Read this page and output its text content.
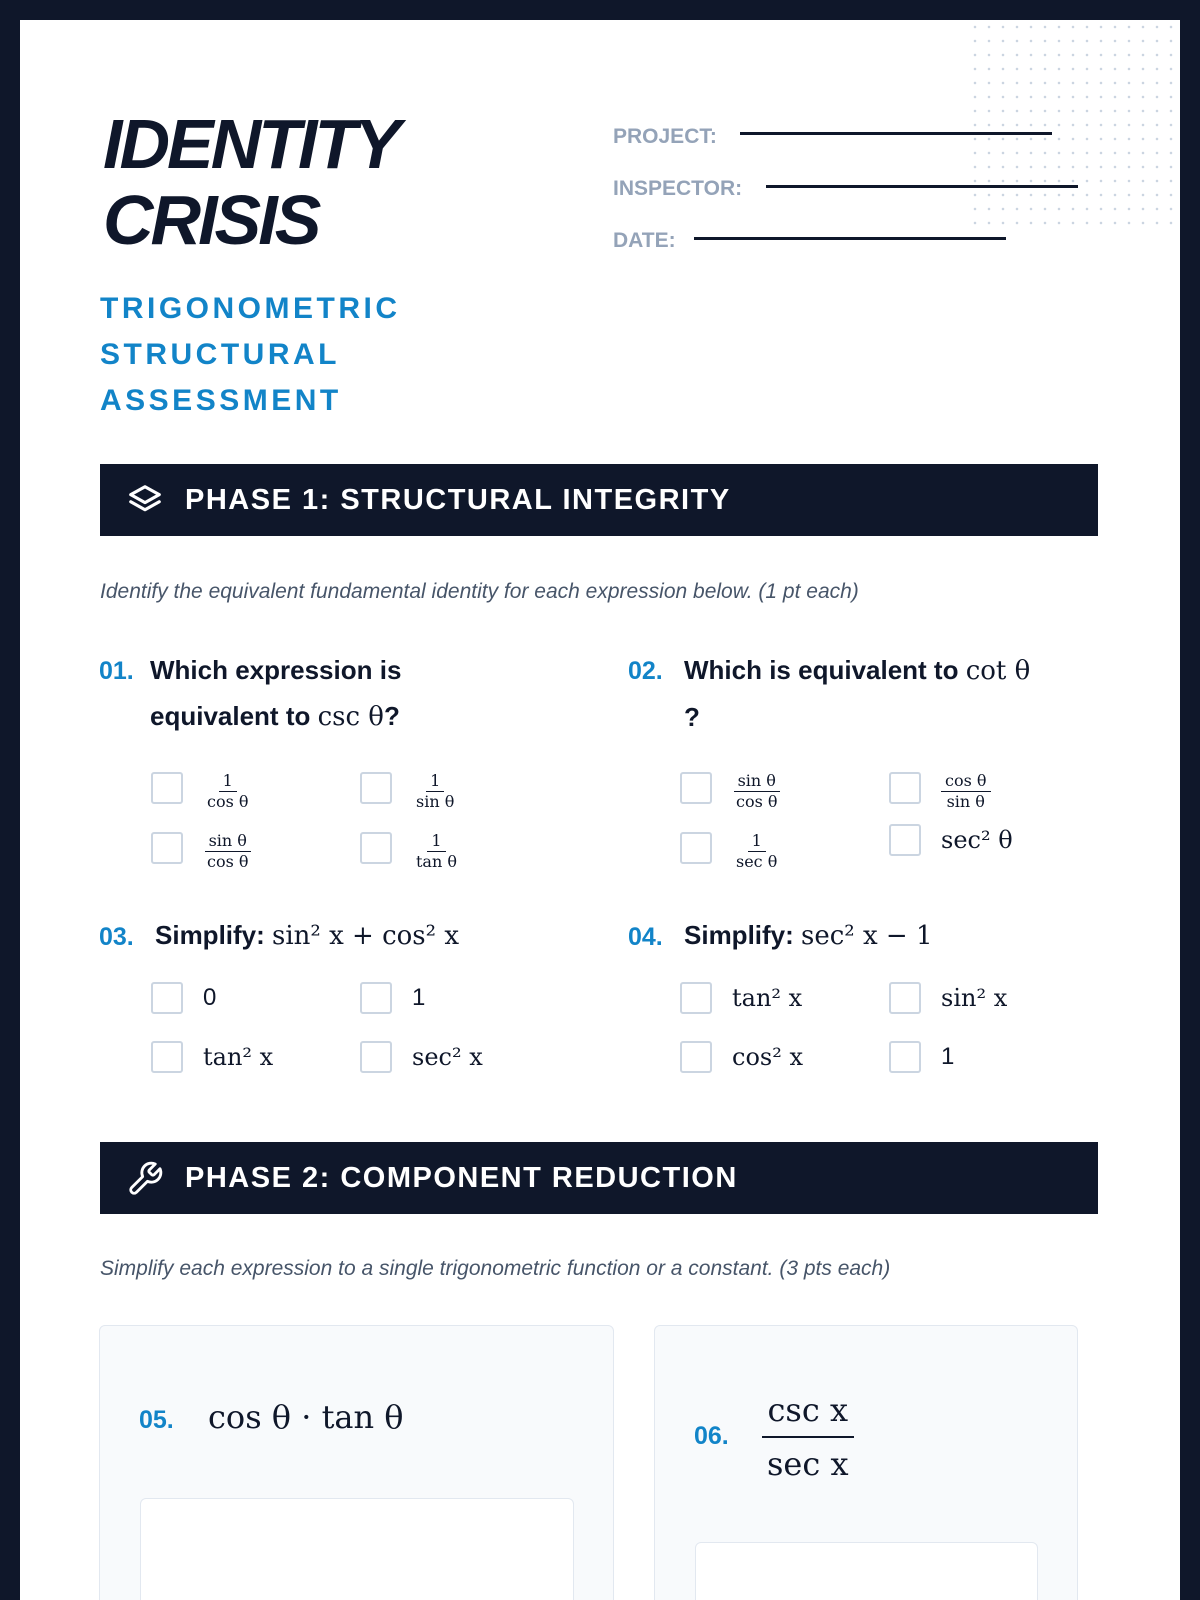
IDENTITY
CRISIS
TRIGONOMETRIC
STRUCTURAL
ASSESSMENT
PROJECT:
INSPECTOR:
DATE:
PHASE 1: STRUCTURAL INTEGRITY
Identify the equivalent fundamental identity for each expression below. (1 pt each)
01. Which expression is
equivalent to csc θ?
$\frac{1}{\text{cos θ}}$	$\frac{1}{\text{sin θ}}$
$\frac{\text{sin θ}}{\text{cos θ}}$	$\frac{1}{\text{tan θ}}$
02. Which is equivalent to cot θ
?
$\frac{\text{sin θ}}{\text{cos θ}}$	$\frac{\text{cos θ}}{\text{sin θ}}$
$\frac{1}{\text{sec θ}}$	sec² θ
03. Simplify: sin² x + cos² x
0	1
tan² x	sec² x
04. Simplify: sec² x − 1
tan² x	sin² x
cos² x	1
PHASE 2: COMPONENT REDUCTION
Simplify each expression to a single trigonometric function or a constant. (3 pts each)
05. cos θ · tan θ	06. $\frac{\text{csc x}}{\text{sec x}}$
